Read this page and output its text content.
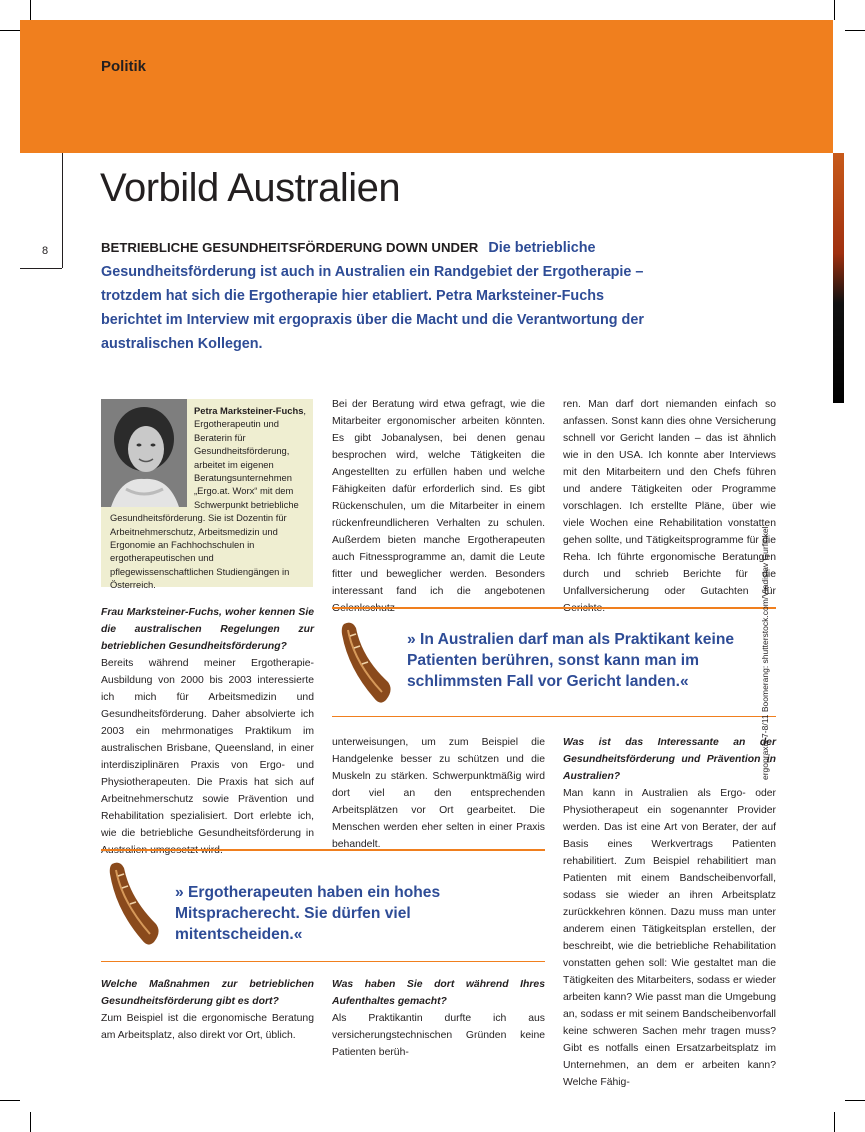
Politik
8
Vorbild Australien
BETRIEBLICHE GESUNDHEITSFÖRDERUNG DOWN UNDER Die betriebliche Gesundheitsförderung ist auch in Australien ein Randgebiet der Ergotherapie – trotzdem hat sich die Ergotherapie hier etabliert. Petra Marksteiner-Fuchs berichtet im Interview mit ergopraxis über die Macht und die Verantwortung der australischen Kollegen.
Petra Marksteiner-Fuchs, Ergotherapeutin und Beraterin für Gesundheitsförderung, arbeitet im eigenen Beratungsunternehmen „Ergo.at. Worx“ mit dem Schwerpunkt betriebliche Gesundheitsförderung. Sie ist Dozentin für Arbeitnehmerschutz, Arbeitsmedizin und Ergonomie an Fachhochschulen in ergotherapeutischen und pflegewissenschaftlichen Studiengängen in Österreich.

Bei der Beratung wird etwa gefragt, wie die Mitarbeiter ergonomischer arbeiten könnten. Es gibt Jobanalysen, bei denen genau besprochen wird, welche Tätigkeiten die Angestellten zu erfüllen haben und welche Fähigkeiten dafür erforderlich sind. Es gibt Rückenschulen, um die Mitarbeiter in einem rückenfreundlicheren Verhalten zu schulen. Außerdem bieten manche Ergotherapeuten auch Fitnessprogramme an, damit die Leute fitter und beweglicher werden. Besonders interessant fand ich die angebotenen Gelenkschutz-

ren. Man darf dort niemanden einfach so anfassen. Sonst kann dies ohne Versicherung schnell vor Gericht landen – das ist ähnlich wie in den USA. Ich konnte aber Interviews mit den Mitarbeitern und den Chefs führen und andere Tätigkeiten oder Programme vorschlagen. Ich erstellte Pläne, über wie viele Wochen eine Rehabilitation vonstatten gehen sollte, und Tätigkeitsprogramme für die Reha. Ich führte ergonomische Beratungen durch und schrieb Berichte für die Unfallversicherung oder Gutachten für Gerichte.

Frau Marksteiner-Fuchs, woher kennen Sie die australischen Regelungen zur betrieblichen Gesundheitsförderung?

Bereits während meiner Ergotherapie-Ausbildung von 2000 bis 2003 interessierte ich mich für Arbeitsmedizin und Gesundheitsförderung. Daher absolvierte ich 2003 ein mehrmonatiges Praktikum im australischen Brisbane, Queensland, in einer interdisziplinären Praxis von Ergo- und Physiotherapeuten. Die Praxis hat sich auf Arbeitnehmerschutz sowie Prävention und Rehabilitation spezialisiert. Dort erlebte ich, wie die betriebliche Gesundheitsförderung in Australien umgesetzt wird.

» In Australien darf man als Praktikant keine Patienten berühren, sonst kann man im schlimmsten Fall vor Gericht landen.«

unterweisungen, um zum Beispiel die Handgelenke besser zu schützen und die Muskeln zu stärken. Schwerpunktmäßig wird dort viel an den entsprechenden Arbeitsplätzen vor Ort gearbeitet. Die Menschen werden eher selten in einer Praxis behandelt.

Was ist das Interessante an der Gesundheitsförderung und Prävention in Australien?

Man kann in Australien als Ergo- oder Physiotherapeut ein sogenannter Provider werden. Das ist eine Art von Berater, der auf Basis eines Werkvertrags Patienten rehabilitiert. Zum Beispiel rehabilitiert man Patienten mit einem Bandscheibenvorfall, sodass sie wieder an ihren Arbeitsplatz zurückkehren können. Dazu muss man unter anderem einen Tätigkeitsplan erstellen, der beschreibt, wie die betriebliche Rehabilitation vonstatten gehen soll: Wie gestaltet man die Tätigkeiten des Mitarbeiters, sodass er wieder arbeiten kann? Wie passt man die Umgebung an, sodass er mit seinem Bandscheibenvorfall keine schweren Sachen mehr tragen muss? Gibt es notfalls einen Ersatzarbeitsplatz im Unternehmen, an dem er arbeiten kann? Welche Fähig-

» Ergotherapeuten haben ein hohes Mitspracherecht. Sie dürfen viel mitentscheiden.«

Welche Maßnahmen zur betrieblichen Gesundheitsförderung gibt es dort?

Zum Beispiel ist die ergonomische Beratung am Arbeitsplatz, also direkt vor Ort, üblich.

Was haben Sie dort während Ihres Aufenthaltes gemacht?

Als Praktikantin durfte ich aus versicherungstechnischen Gründen keine Patienten berüh-

ergopraxis 7-8/11 Boomerang: shutterstock.com/Vladislav Gurfinkel
